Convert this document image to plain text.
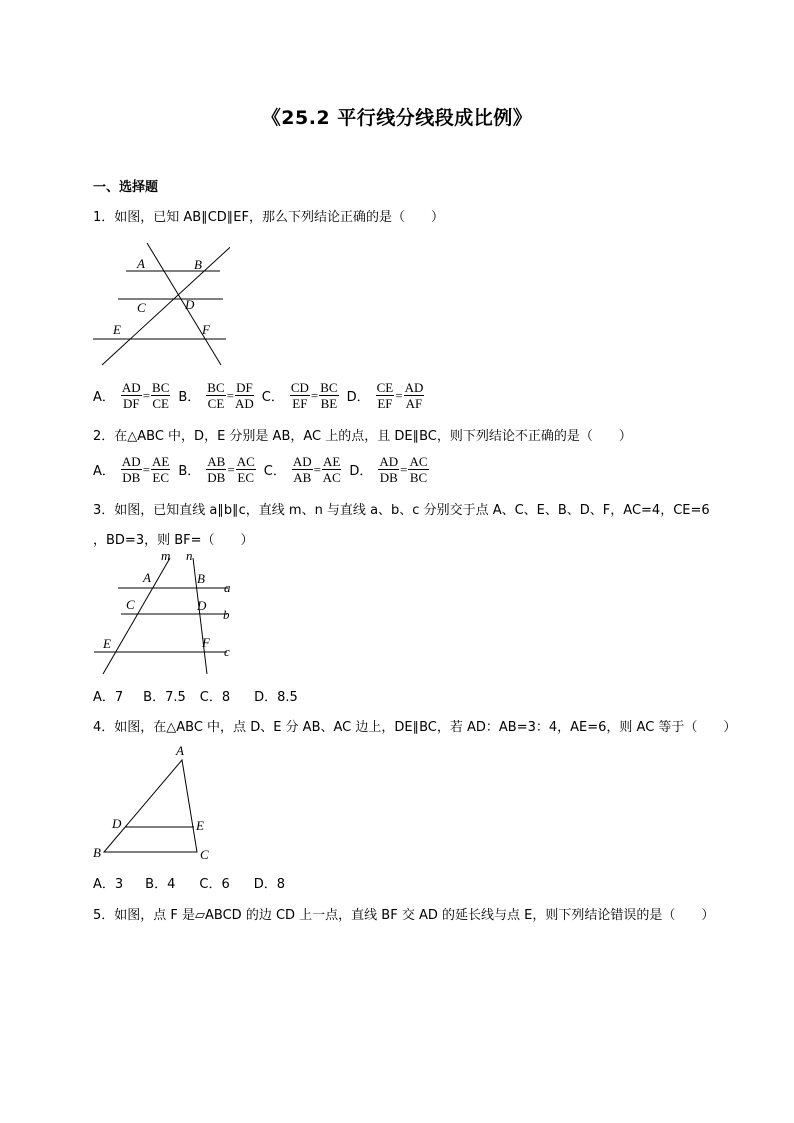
《25.2 平行线分线段成比例》
一、选择题
1．如图，已知 AB∥CD∥EF，那么下列结论正确的是（　　）
A	B
C	D
E	F
A． $\frac{AD}{DF} = \frac{BC}{CE}$ B． $\frac{BC}{CE} = \frac{DF}{AD}$ C． $\frac{CD}{EF} = \frac{BC}{BE}$ D． $\frac{CE}{EF} = \frac{AD}{AF}$
2．在△ABC 中，D，E 分别是 AB，AC 上的点，且 DE∥BC，则下列结论不正确的是（　　）
A． $\frac{AD}{DB} = \frac{AE}{EC}$ B． $\frac{AB}{DB} = \frac{AC}{EC}$ C． $\frac{AD}{AB} = \frac{AE}{AC}$ D． $\frac{AD}{DB} = \frac{AC}{BC}$
3．如图，已知直线 a∥b∥c，直线 m、n 与直线 a、b、c 分别交于点 A、C、E、B、D、F，AC=4，CE=6
，BD=3，则 BF=（　　）
m n
A	B
a
C	D
b
E	F
c
A．7 B．7.5 C．8 D．8.5
4．如图，在△ABC 中，点 D、E 分 AB、AC 边上，DE∥BC，若 AD：AB=3：4，AE=6，则 AC 等于（　　）
A
D	E
B	C
A．3 B．4 C．6 D．8
5．如图，点 F 是▱ABCD 的边 CD 上一点，直线 BF 交 AD 的延长线与点 E，则下列结论错误的是（　　）
